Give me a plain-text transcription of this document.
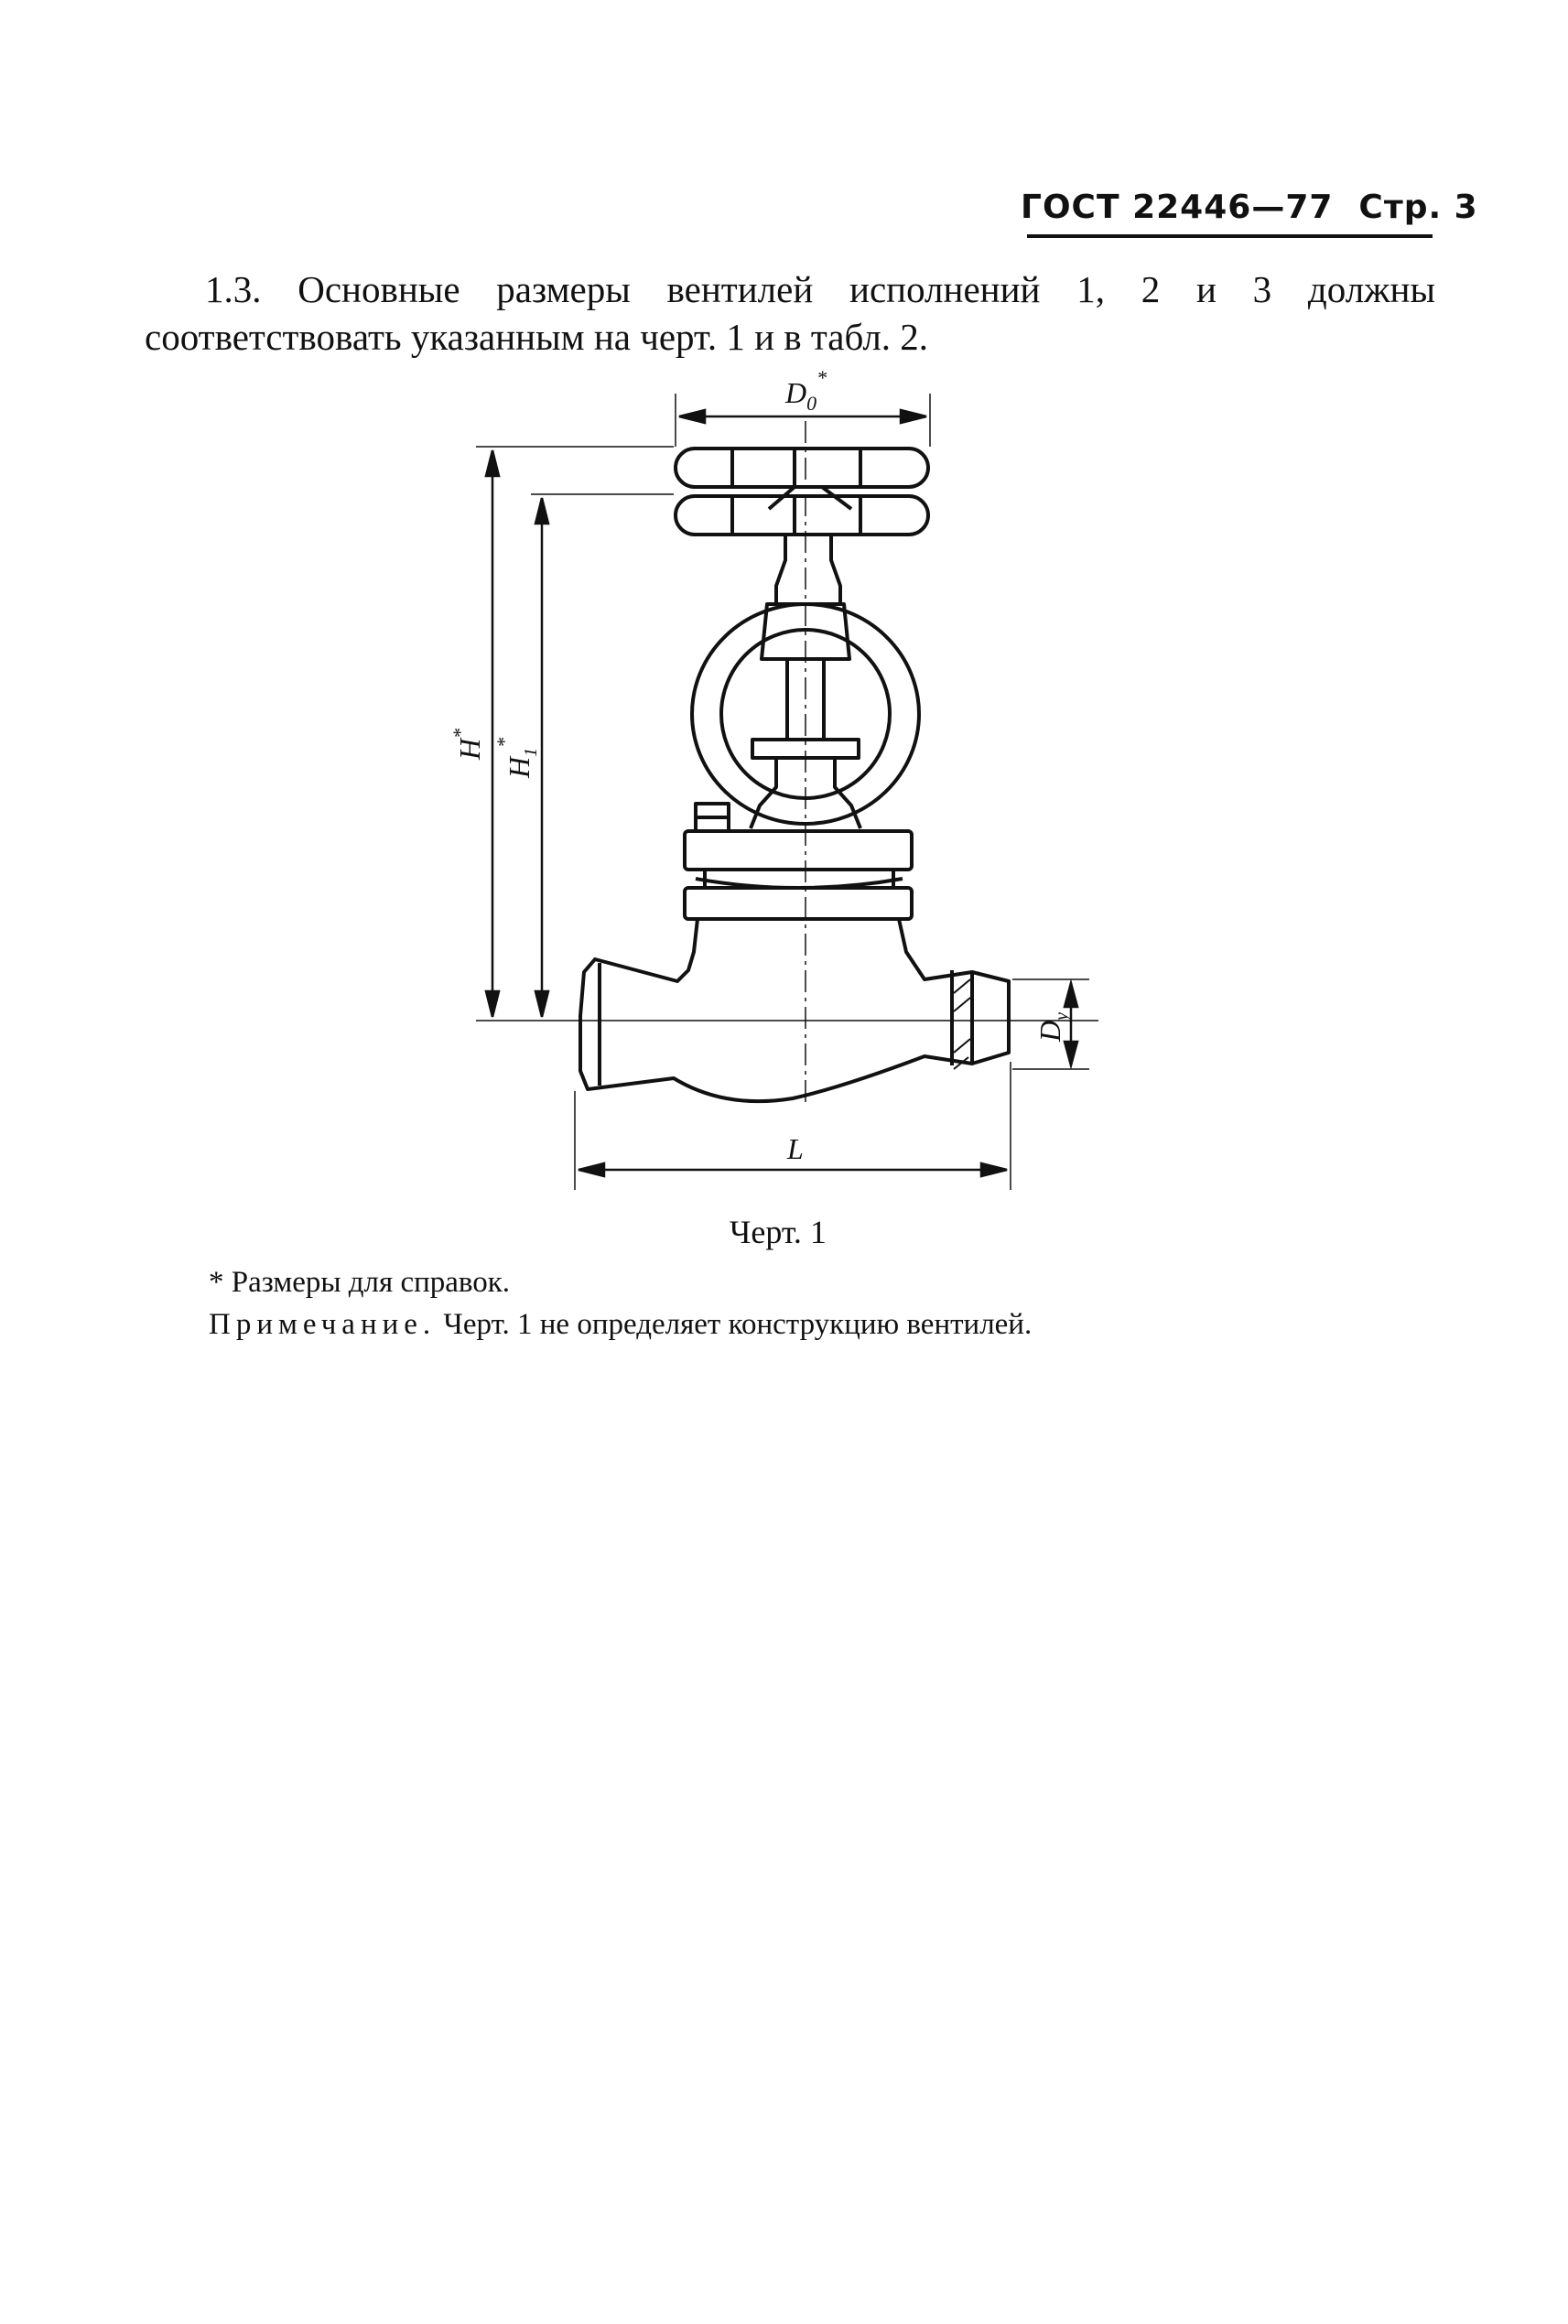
ГОСТ 22446—77 Стр. 3
1.3. Основные размеры вентилей исполнений 1, 2 и 3 должны
соответствовать указанным на черт. 1 и в табл. 2.
$D_0^*$
H*
$H_1^*$
$D_y$
L
Черт. 1
* Размеры для справок.
Примечание. Черт. 1 не определяет конструкцию вентилей.
